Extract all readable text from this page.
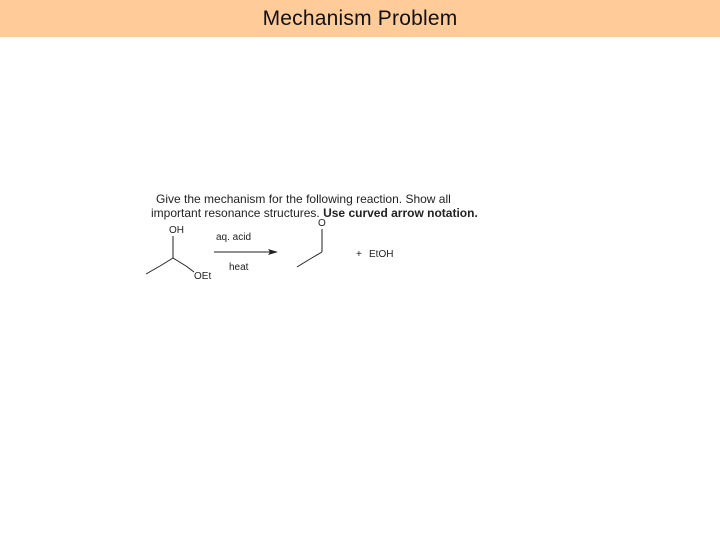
Mechanism Problem
Give the mechanism for the following reaction. Show all
important resonance structures. Use curved arrow notation.
OH
OEt
aq. acid
heat
O
+ EtOH
